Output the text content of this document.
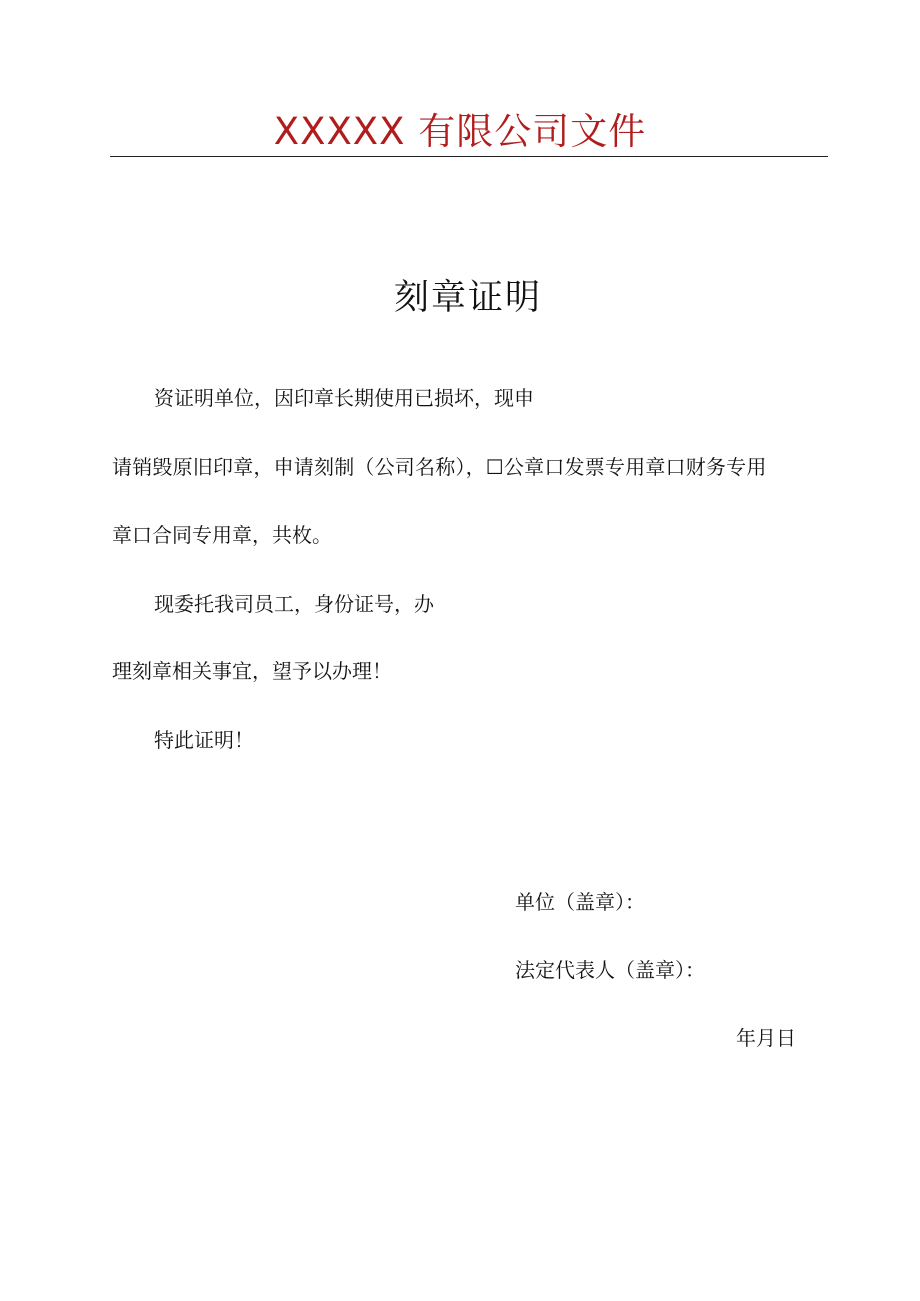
XXXXX 有限公司文件
刻章证明
资证明单位，因印章长期使用已损坏，现申
请销毁原旧印章，申请刻制（公司名称），☐公章口发票专用章口财务专用
章口合同专用章，共枚。
现委托我司员工，身份证号，办
理刻章相关事宜，望予以办理！
特此证明！
单位（盖章）：
法定代表人（盖章）：
年月日
